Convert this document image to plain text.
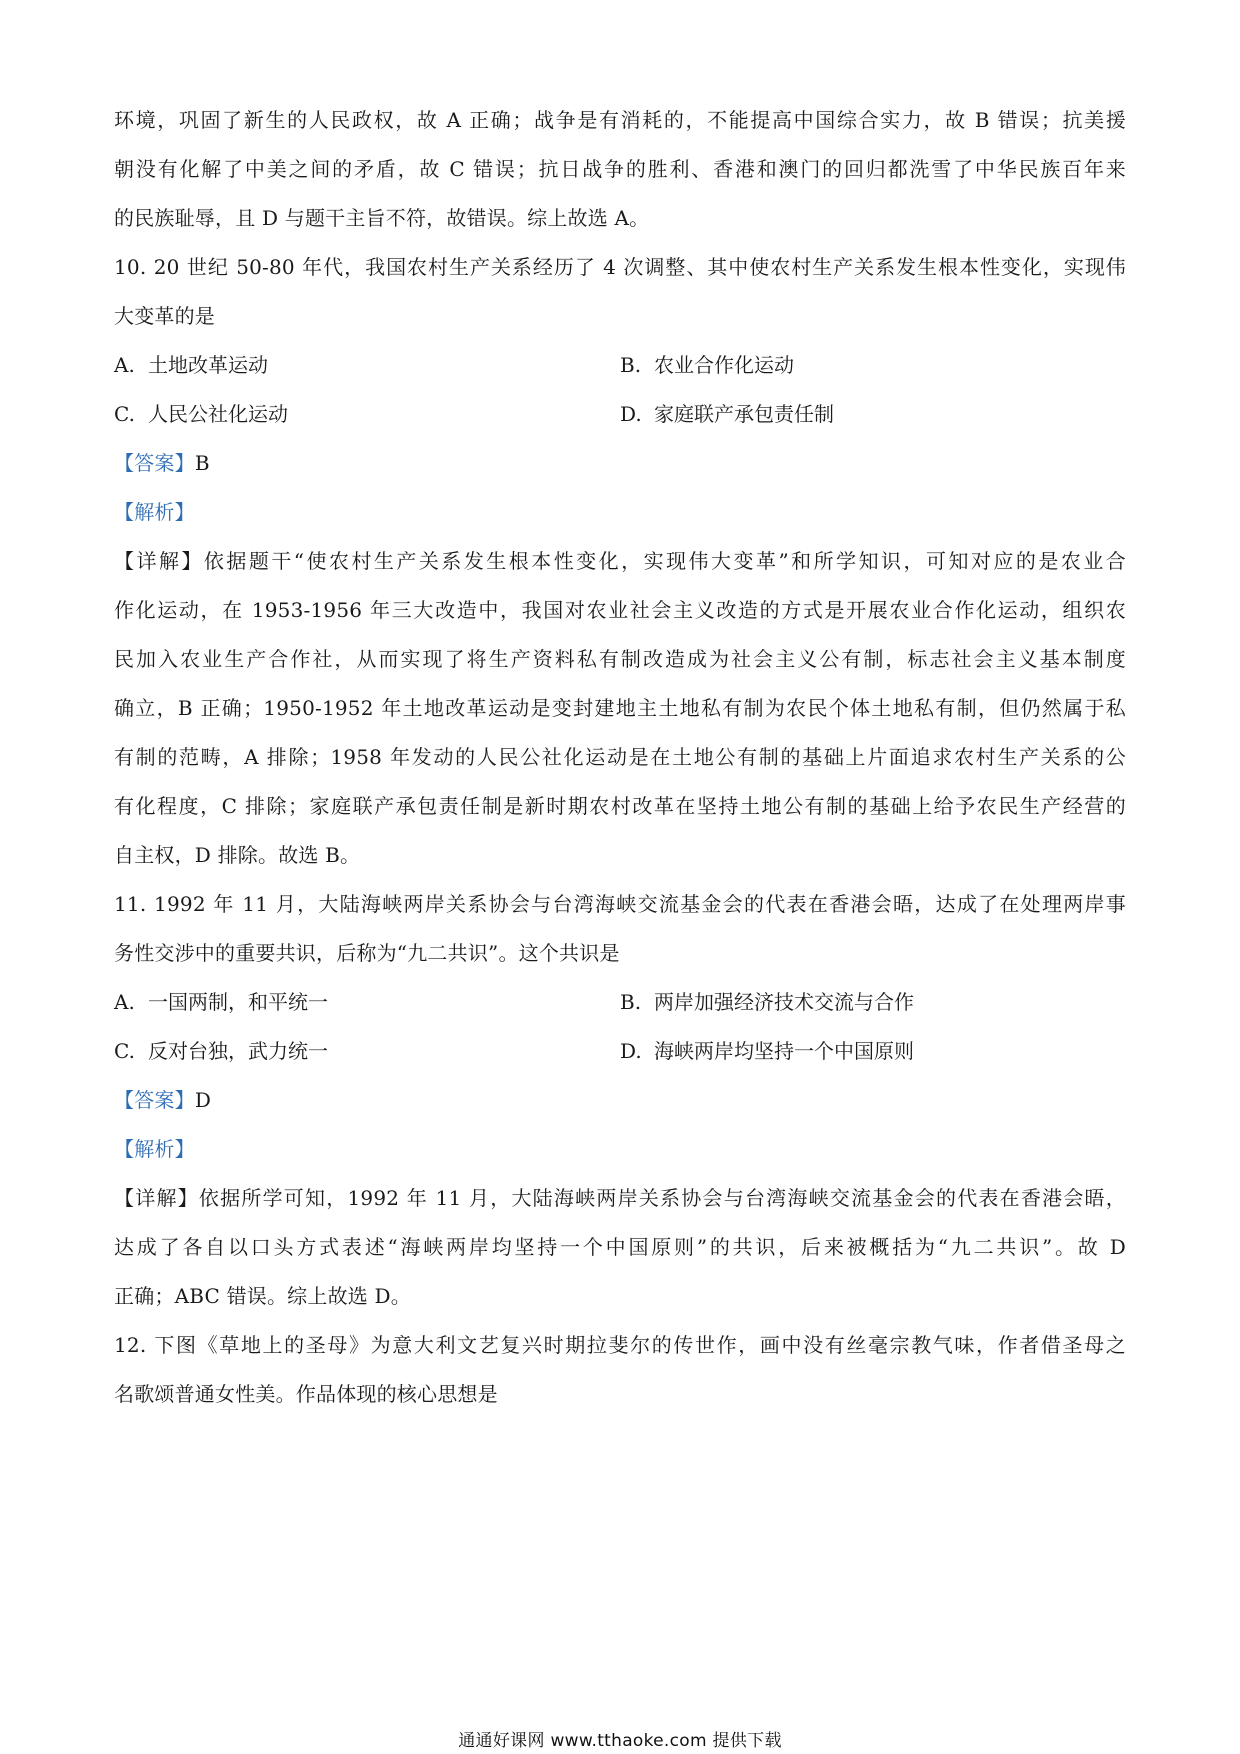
环境，巩固了新生的人民政权，故 A 正确；战争是有消耗的，不能提高中国综合实力，故 B 错误；抗美援
朝没有化解了中美之间的矛盾，故 C 错误；抗日战争的胜利、香港和澳门的回归都洗雪了中华民族百年来
的民族耻辱，且 D 与题干主旨不符，故错误。综上故选 A。
10. 20 世纪 50-80 年代，我国农村生产关系经历了 4 次调整、其中使农村生产关系发生根本性变化，实现伟
大变革的是
A. 土地改革运动	B. 农业合作化运动
C. 人民公社化运动	D. 家庭联产承包责任制
【答案】B
【解析】
【详解】依据题干“使农村生产关系发生根本性变化，实现伟大变革”和所学知识，可知对应的是农业合
作化运动，在 1953-1956 年三大改造中，我国对农业社会主义改造的方式是开展农业合作化运动，组织农
民加入农业生产合作社，从而实现了将生产资料私有制改造成为社会主义公有制，标志社会主义基本制度
确立，B 正确；1950-1952 年土地改革运动是变封建地主土地私有制为农民个体土地私有制，但仍然属于私
有制的范畴，A 排除；1958 年发动的人民公社化运动是在土地公有制的基础上片面追求农村生产关系的公
有化程度，C 排除；家庭联产承包责任制是新时期农村改革在坚持土地公有制的基础上给予农民生产经营的
自主权，D 排除。故选 B。
11. 1992 年 11 月，大陆海峡两岸关系协会与台湾海峡交流基金会的代表在香港会晤，达成了在处理两岸事
务性交涉中的重要共识，后称为“九二共识”。这个共识是
A. 一国两制，和平统一	B. 两岸加强经济技术交流与合作
C. 反对台独，武力统一	D. 海峡两岸均坚持一个中国原则
【答案】D
【解析】
【详解】依据所学可知，1992 年 11 月，大陆海峡两岸关系协会与台湾海峡交流基金会的代表在香港会晤，
达成了各自以口头方式表述“海峡两岸均坚持一个中国原则”的共识，后来被概括为“九二共识”。故 D
正确；ABC 错误。综上故选 D。
12. 下图《草地上的圣母》为意大利文艺复兴时期拉斐尔的传世作，画中没有丝毫宗教气味，作者借圣母之
名歌颂普通女性美。作品体现的核心思想是
通通好课网 www.tthaoke.com 提供下载
